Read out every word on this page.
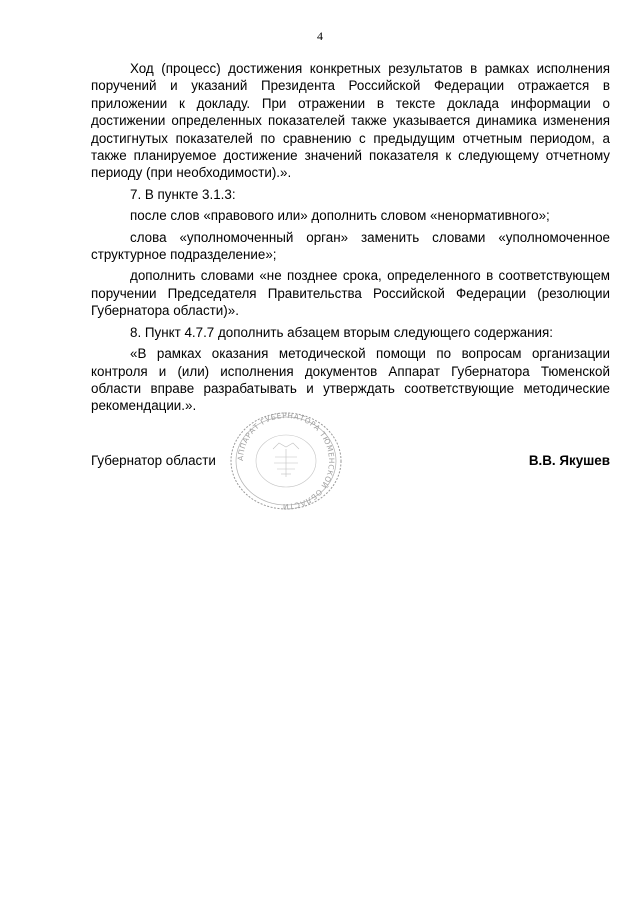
4

Ход (процесс) достижения конкретных результатов в рамках исполнения поручений и указаний Президента Российской Федерации отражается в приложении к докладу. При отражении в тексте доклада информации о достижении определенных показателей также указывается динамика изменения достигнутых показателей по сравнению с предыдущим отчетным периодом, а также планируемое достижение значений показателя к следующему отчетному периоду (при необходимости).».

7. В пункте 3.1.3:

после слов «правового или» дополнить словом «ненормативного»;

слова «уполномоченный орган» заменить словами «уполномоченное структурное подразделение»;

дополнить словами «не позднее срока, определенного в соответствующем поручении Председателя Правительства Российской Федерации (резолюции Губернатора области)».

8. Пункт 4.7.7 дополнить абзацем вторым следующего содержания:

«В рамках оказания методической помощи по вопросам организации контроля и (или) исполнения документов Аппарат Губернатора Тюменской области вправе разрабатывать и утверждать соответствующие методические рекомендации.».

АППАРАТ ГУБЕРНАТОРА ТЮМЕНСКОЙ ОБЛАСТИ
Губернатор области	В.В. Якушев
